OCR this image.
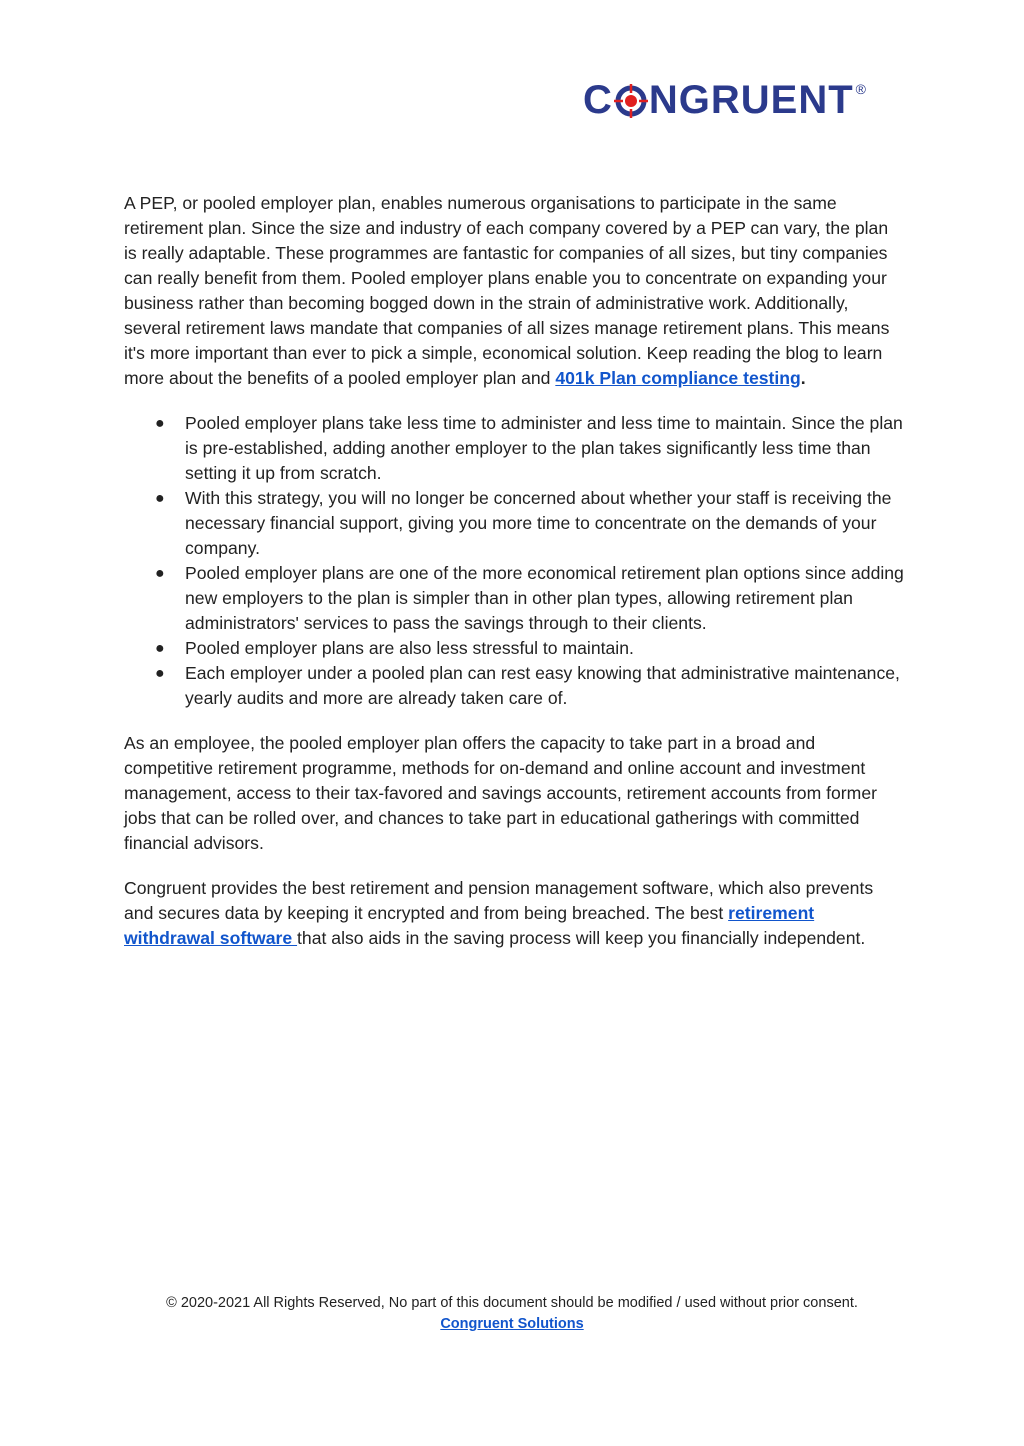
C NGRUENT ®

A PEP, or pooled employer plan, enables numerous organisations to participate in the same retirement plan. Since the size and industry of each company covered by a PEP can vary, the plan is really adaptable. These programmes are fantastic for companies of all sizes, but tiny companies can really benefit from them. Pooled employer plans enable you to concentrate on expanding your business rather than becoming bogged down in the strain of administrative work. Additionally, several retirement laws mandate that companies of all sizes manage retirement plans. This means it's more important than ever to pick a simple, economical solution. Keep reading the blog to learn more about the benefits of a pooled employer plan and 401k Plan compliance testing.

● Pooled employer plans take less time to administer and less time to maintain. Since the plan is pre-established, adding another employer to the plan takes significantly less time than setting it up from scratch.
● With this strategy, you will no longer be concerned about whether your staff is receiving the necessary financial support, giving you more time to concentrate on the demands of your company.
● Pooled employer plans are one of the more economical retirement plan options since adding new employers to the plan is simpler than in other plan types, allowing retirement plan administrators' services to pass the savings through to their clients.
● Pooled employer plans are also less stressful to maintain.
● Each employer under a pooled plan can rest easy knowing that administrative maintenance, yearly audits and more are already taken care of.

As an employee, the pooled employer plan offers the capacity to take part in a broad and competitive retirement programme, methods for on-demand and online account and investment management, access to their tax-favored and savings accounts, retirement accounts from former jobs that can be rolled over, and chances to take part in educational gatherings with committed financial advisors.

Congruent provides the best retirement and pension management software, which also prevents and secures data by keeping it encrypted and from being breached. The best retirement withdrawal software that also aids in the saving process will keep you financially independent.

© 2020-2021 All Rights Reserved, No part of this document should be modified / used without prior consent.
Congruent Solutions
